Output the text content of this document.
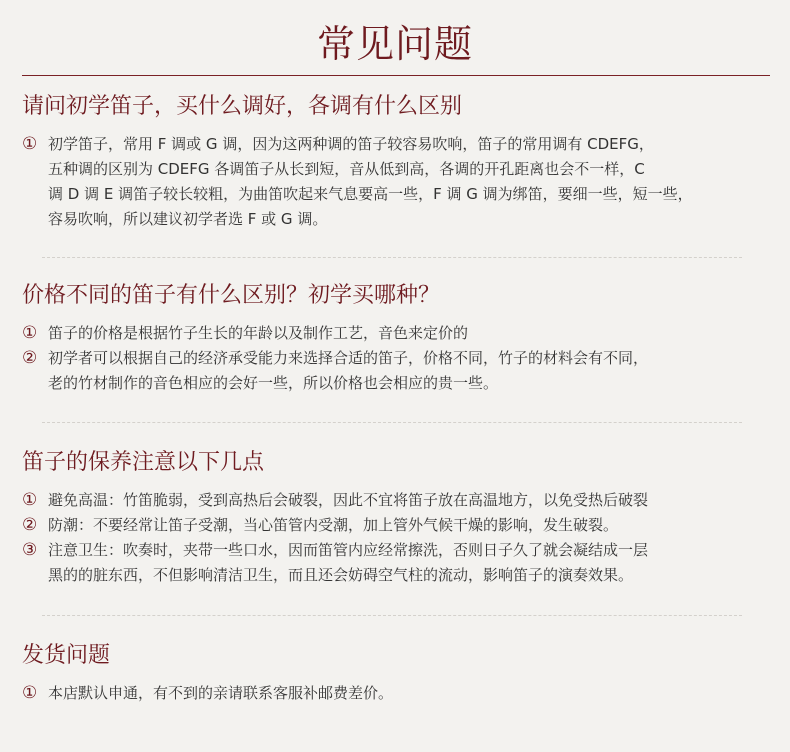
常见问题
请问初学笛子，买什么调好，各调有什么区别
① 初学笛子，常用 F 调或 G 调，因为这两种调的笛子较容易吹响，笛子的常用调有 CDEFG，
五种调的区别为 CDEFG 各调笛子从长到短，音从低到高，各调的开孔距离也会不一样，C
调 D 调 E 调笛子较长较粗，为曲笛吹起来气息要高一些，F 调 G 调为绑笛，要细一些，短一些，
容易吹响，所以建议初学者选 F 或 G 调。
价格不同的笛子有什么区别？初学买哪种？
① 笛子的价格是根据竹子生长的年龄以及制作工艺，音色来定价的
② 初学者可以根据自己的经济承受能力来选择合适的笛子，价格不同，竹子的材料会有不同，
老的竹材制作的音色相应的会好一些，所以价格也会相应的贵一些。
笛子的保养注意以下几点
① 避免高温：竹笛脆弱，受到高热后会破裂，因此不宜将笛子放在高温地方，以免受热后破裂
② 防潮：不要经常让笛子受潮，当心笛管内受潮，加上管外气候干燥的影响，发生破裂。
③ 注意卫生：吹奏时，夹带一些口水，因而笛管内应经常擦洗，否则日子久了就会凝结成一层
黑的的脏东西，不但影响清洁卫生，而且还会妨碍空气柱的流动，影响笛子的演奏效果。
发货问题
① 本店默认申通，有不到的亲请联系客服补邮费差价。
